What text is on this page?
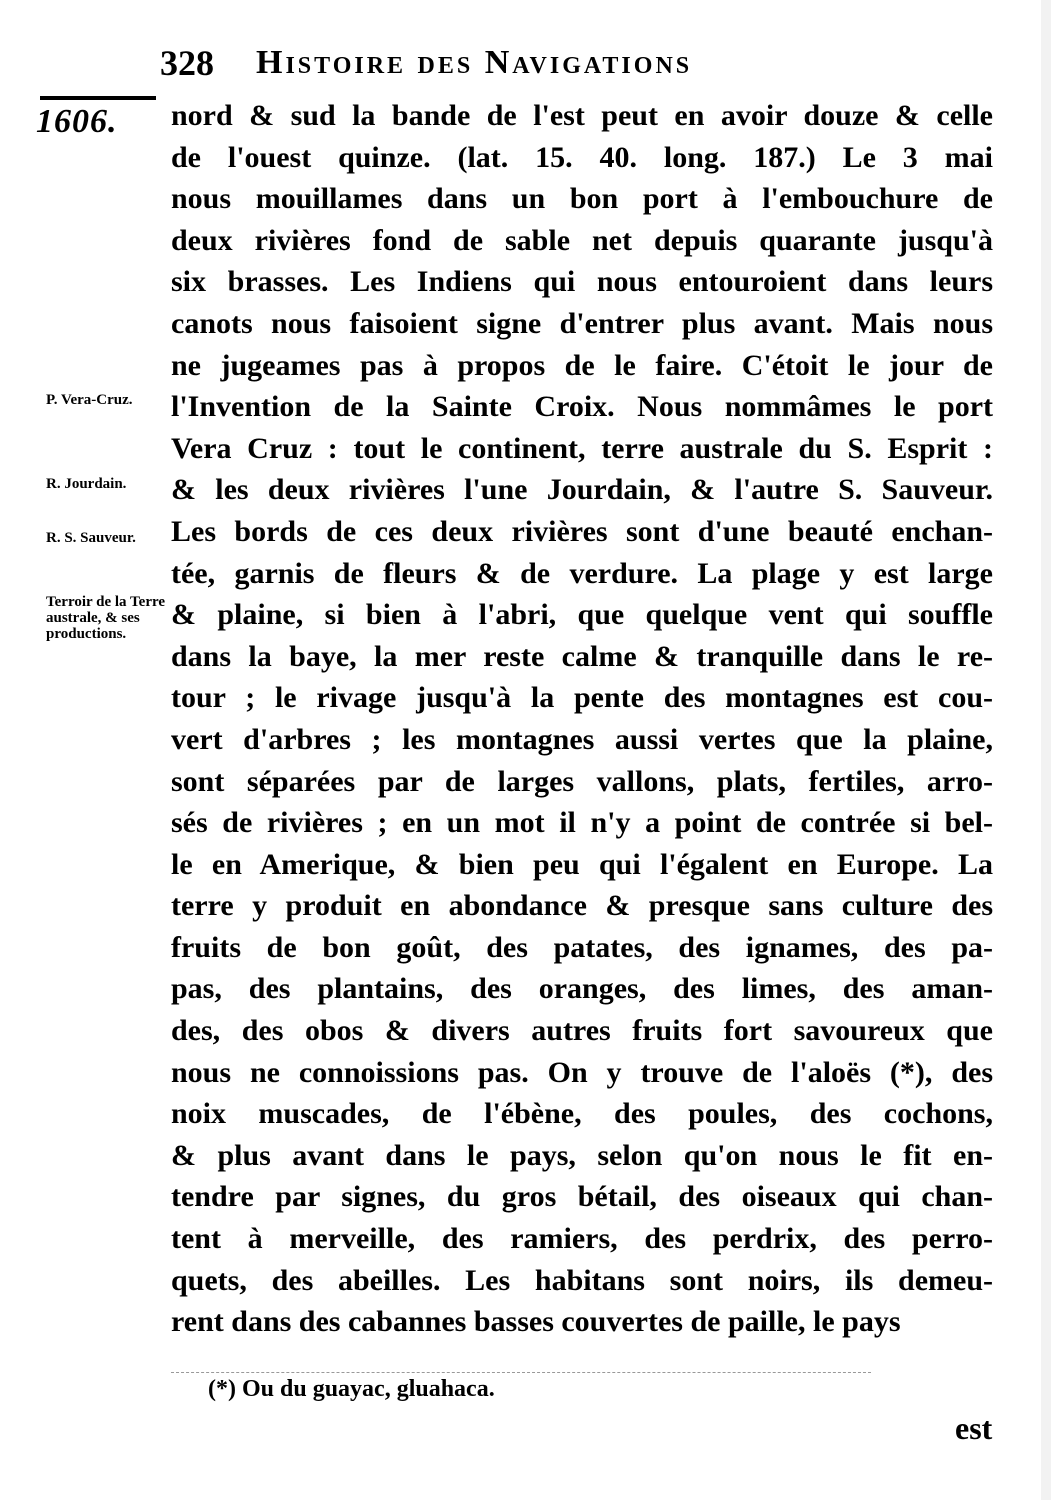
328 Histoire des Navigations
1606.
P. Vera-Cruz.
R. Jourdain.
R. S. Sauveur.
Terroir de la Terre australe, & ses productions.
nord & sud la bande de l'est peut en avoir douze & celle
de l'ouest quinze. (lat. 15. 40. long. 187.) Le 3 mai
nous mouillames dans un bon port à l'embouchure de
deux rivières fond de sable net depuis quarante jusqu'à
six brasses. Les Indiens qui nous entouroient dans leurs
canots nous faisoient signe d'entrer plus avant. Mais nous
ne jugeames pas à propos de le faire. C'étoit le jour de
l'Invention de la Sainte Croix. Nous nommâmes le port
Vera Cruz : tout le continent, terre australe du S. Esprit :
& les deux rivières l'une Jourdain, & l'autre S. Sauveur.
Les bords de ces deux rivières sont d'une beauté enchan-
tée, garnis de fleurs & de verdure. La plage y est large
& plaine, si bien à l'abri, que quelque vent qui souffle
dans la baye, la mer reste calme & tranquille dans le re-
tour ; le rivage jusqu'à la pente des montagnes est cou-
vert d'arbres ; les montagnes aussi vertes que la plaine,
sont séparées par de larges vallons, plats, fertiles, arro-
sés de rivières ; en un mot il n'y a point de contrée si bel-
le en Amerique, & bien peu qui l'égalent en Europe. La
terre y produit en abondance & presque sans culture des
fruits de bon goût, des patates, des ignames, des pa-
pas, des plantains, des oranges, des limes, des aman-
des, des obos & divers autres fruits fort savoureux que
nous ne connoissions pas. On y trouve de l'aloës (*), des
noix muscades, de l'ébène, des poules, des cochons,
& plus avant dans le pays, selon qu'on nous le fit en-
tendre par signes, du gros bétail, des oiseaux qui chan-
tent à merveille, des ramiers, des perdrix, des perro-
quets, des abeilles. Les habitans sont noirs, ils demeu-
rent dans des cabannes basses couvertes de paille, le pays
(*) Ou du guayac, gluahaca.
est
